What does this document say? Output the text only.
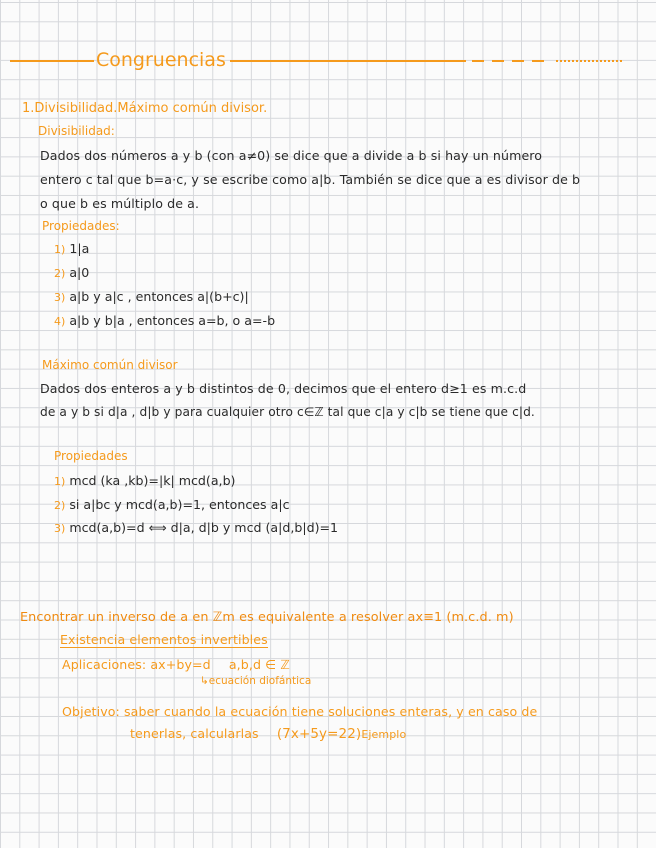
Congruencias
1.Divisibilidad.Máximo común divisor.
Divisibilidad:
Dados dos números a y b (con a≠0) se dice que a divide a b si hay un número
entero c tal que b=a·c, y se escribe como a|b. También se dice que a es divisor de b
o que b es múltiplo de a.
Propiedades:
1) 1|a
2) a|0
3) a|b y a|c , entonces a|(b+c)|
4) a|b y b|a , entonces a=b, o a=-b
Máximo común divisor
Dados dos enteros a y b distintos de 0, decimos que el entero d≥1 es m.c.d
de a y b si d|a , d|b y para cualquier otro c∈ℤ tal que c|a y c|b se tiene que c|d.
Propiedades
1) mcd (ka ,kb)=|k| mcd(a,b)
2) si a|bc y mcd(a,b)=1, entonces a|c
3) mcd(a,b)=d ⟺ d|a, d|b y mcd (a|d,b|d)=1
Encontrar un inverso de a en ℤm es equivalente a resolver ax≡1 (m.c.d. m)
Existencia elementos invertibles
Aplicaciones: ax+by=d a,b,d ∈ ℤ
↳ecuación diofántica
Objetivo: saber cuando la ecuación tiene soluciones enteras, y en caso de
tenerlas, calcularlas (7x+5y=22)Ejemplo
